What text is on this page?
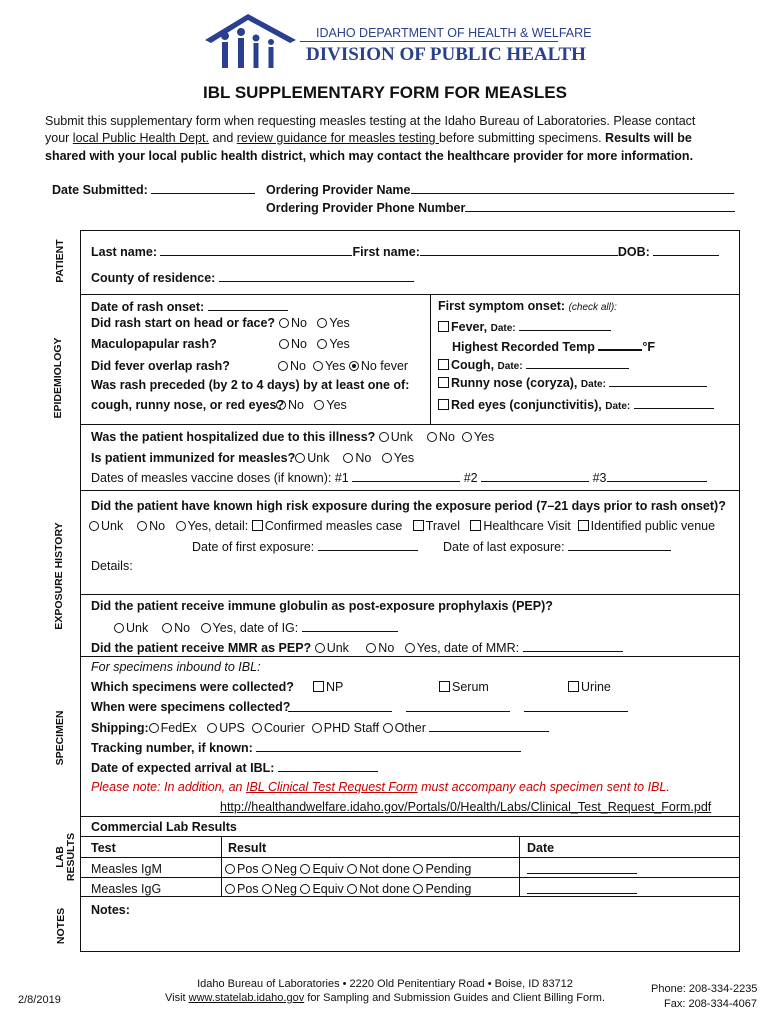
IDAHO DEPARTMENT OF HEALTH & WELFARE
DIVISION OF PUBLIC HEALTH
IBL SUPPLEMENTARY FORM FOR MEASLES
Submit this supplementary form when requesting measles testing at the Idaho Bureau of Laboratories. Please contact
your local Public Health Dept. and review guidance for measles testing before submitting specimens. Results will be
shared with your local public health district, which may contact the healthcare provider for more information.
Date Submitted:	Ordering Provider Name
Ordering Provider Phone Number
PATIENT
EPIDEMIOLOGY
EXPOSURE HISTORY
SPECIMEN
LAB RESULTS
NOTES
Last name:	First name:	DOB:
County of residence:
Date of rash onset:
Did rash start on head or face?	No Yes
Maculopapular rash?	No Yes
Did fever overlap rash?	No Yes No fever
Was rash preceded (by 2 to 4 days) by at least one of:
cough, runny nose, or red eyes? No Yes
First symptom onset: (check all):
Fever, Date:
Highest Recorded Temp	°F
Cough, Date:
Runny nose (coryza), Date:
Red eyes (conjunctivitis), Date:
Was the patient hospitalized due to this illness? Unk No Yes
Is patient immunized for measles? Unk No Yes
Dates of measles vaccine doses (if known): #1	#2	#3
Did the patient have known high risk exposure during the exposure period (7–21 days prior to rash onset)?
Unk No Yes, detail: Confirmed measles case Travel Healthcare Visit Identified public venue
Date of first exposure:	Date of last exposure:
Details:
Did the patient receive immune globulin as post-exposure prophylaxis (PEP)?
Unk No Yes, date of IG:
Did the patient receive MMR as PEP? Unk No Yes, date of MMR:
For specimens inbound to IBL:
Which specimens were collected?	NP	Serum	Urine
When were specimens collected?
Shipping: FedEx UPS Courier PHD Staff Other
Tracking number, if known:
Date of expected arrival at IBL:
Please note: In addition, an IBL Clinical Test Request Form must accompany each specimen sent to IBL.
http://healthandwelfare.idaho.gov/Portals/0/Health/Labs/Clinical_Test_Request_Form.pdf
Commercial Lab Results
Test	Result	Date
Measles IgM	Pos Neg Equiv Not done Pending
Measles IgG	Pos Neg Equiv Not done Pending
Notes:
2/8/2019
Idaho Bureau of Laboratories • 2220 Old Penitentiary Road • Boise, ID 83712
Visit www.statelab.idaho.gov for Sampling and Submission Guides and Client Billing Form.
Phone: 208-334-2235
Fax: 208-334-4067
